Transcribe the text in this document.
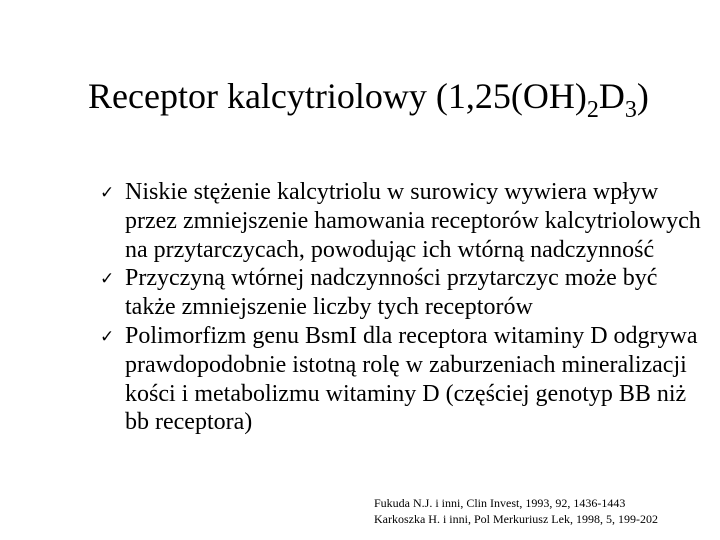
Receptor kalcytriolowy $(1,25(OH)_2D_3)$
✓ Niskie stężenie kalcytriolu w surowicy wywiera wpływ przez zmniejszenie hamowania receptorów kalcytriolowych na przytarczycach, powodując ich wtórną nadczynność
✓ Przyczyną wtórnej nadczynności przytarczyc może być także zmniejszenie liczby tych receptorów
✓ Polimorfizm genu BsmI dla receptora witaminy D odgrywa prawdopodobnie istotną rolę w zaburzeniach mineralizacji kości i metabolizmu witaminy D (częściej genotyp BB niż bb receptora)
Fukuda N.J. i inni, Clin Invest, 1993, 92, 1436-1443
Karkoszka H. i inni, Pol Merkuriusz Lek, 1998, 5, 199-202
